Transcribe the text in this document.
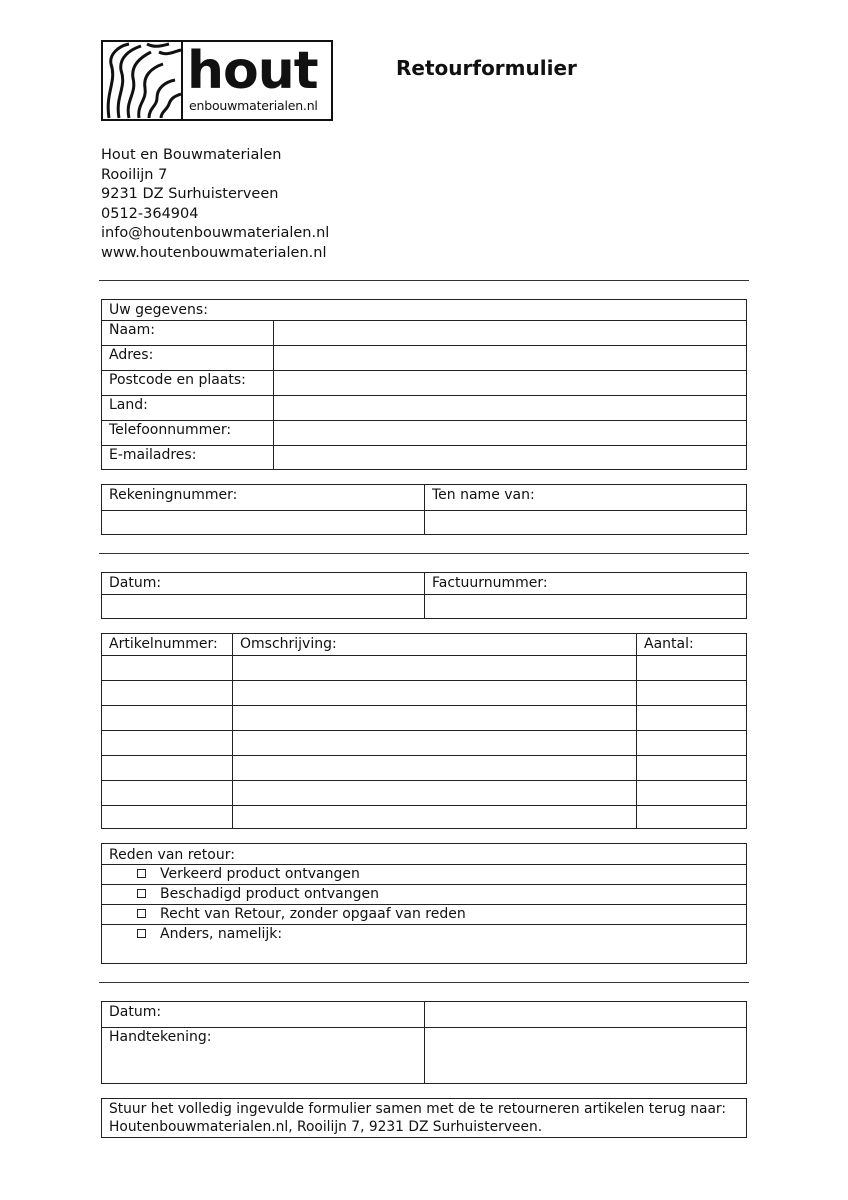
hout
enbouwmaterialen.nl
Retourformulier
Hout en Bouwmaterialen
Rooilijn 7
9231 DZ Surhuisterveen
0512-364904
info@houtenbouwmaterialen.nl
www.houtenbouwmaterialen.nl
Uw gegevens:
Naam:
Adres:
Postcode en plaats:
Land:
Telefoonnummer:
E-mailadres:
Rekeningnummer:	Ten name van:
Datum:	Factuurnummer:
Artikelnummer: Omschrijving:	Aantal:
Reden van retour:
Verkeerd product ontvangen
Beschadigd product ontvangen
Recht van Retour, zonder opgaaf van reden
Anders, namelijk:
Datum:
Handtekening:
Stuur het volledig ingevulde formulier samen met de te retourneren artikelen terug naar:
Houtenbouwmaterialen.nl, Rooilijn 7, 9231 DZ Surhuisterveen.
